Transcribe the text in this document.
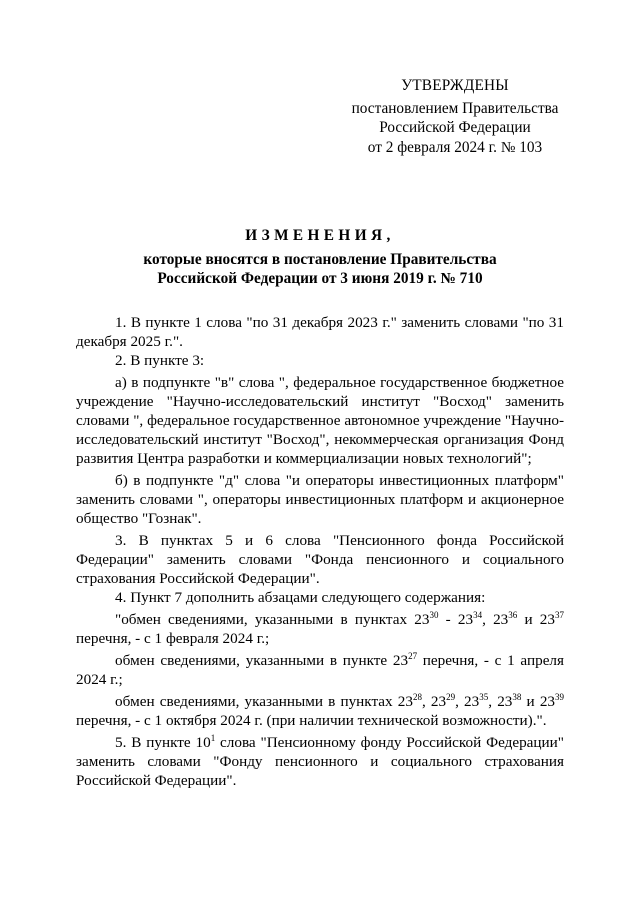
УТВЕРЖДЕНЫ
постановлением Правительства
Российской Федерации
от 2 февраля 2024 г. № 103
ИЗМЕНЕНИЯ,
которые вносятся в постановление Правительства
Российской Федерации от 3 июня 2019 г. № 710

1. В пункте 1 слова "по 31 декабря 2023 г." заменить словами "по 31 декабря 2025 г.".

2. В пункте 3:

а) в подпункте "в" слова ", федеральное государственное бюджетное учреждение "Научно-исследовательский институт "Восход" заменить словами ", федеральное государственное автономное учреждение "Научно-исследовательский институт "Восход", некоммерческая организация Фонд развития Центра разработки и коммерциализации новых технологий";

б) в подпункте "д" слова "и операторы инвестиционных платформ" заменить словами ", операторы инвестиционных платформ и акционерное общество "Гознак".

3. В пунктах 5 и 6 слова "Пенсионного фонда Российской Федерации" заменить словами "Фонда пенсионного и социального страхования Российской Федерации".

4. Пункт 7 дополнить абзацами следующего содержания:

"обмен сведениями, указанными в пунктах $23^{30} - 23^{34}$, $23^{36}$ и $23^{37}$ перечня, - с 1 февраля 2024 г.;

обмен сведениями, указанными в пункте $23^{27}$ перечня, - с 1 апреля 2024 г.;

обмен сведениями, указанными в пунктах $23^{28}$, $23^{29}$, $23^{35}$, $23^{38}$ и $23^{39}$ перечня, - с 1 октября 2024 г. (при наличии технической возможности).".

5. В пункте $10^1$ слова "Пенсионному фонду Российской Федерации" заменить словами "Фонду пенсионного и социального страхования Российской Федерации".
